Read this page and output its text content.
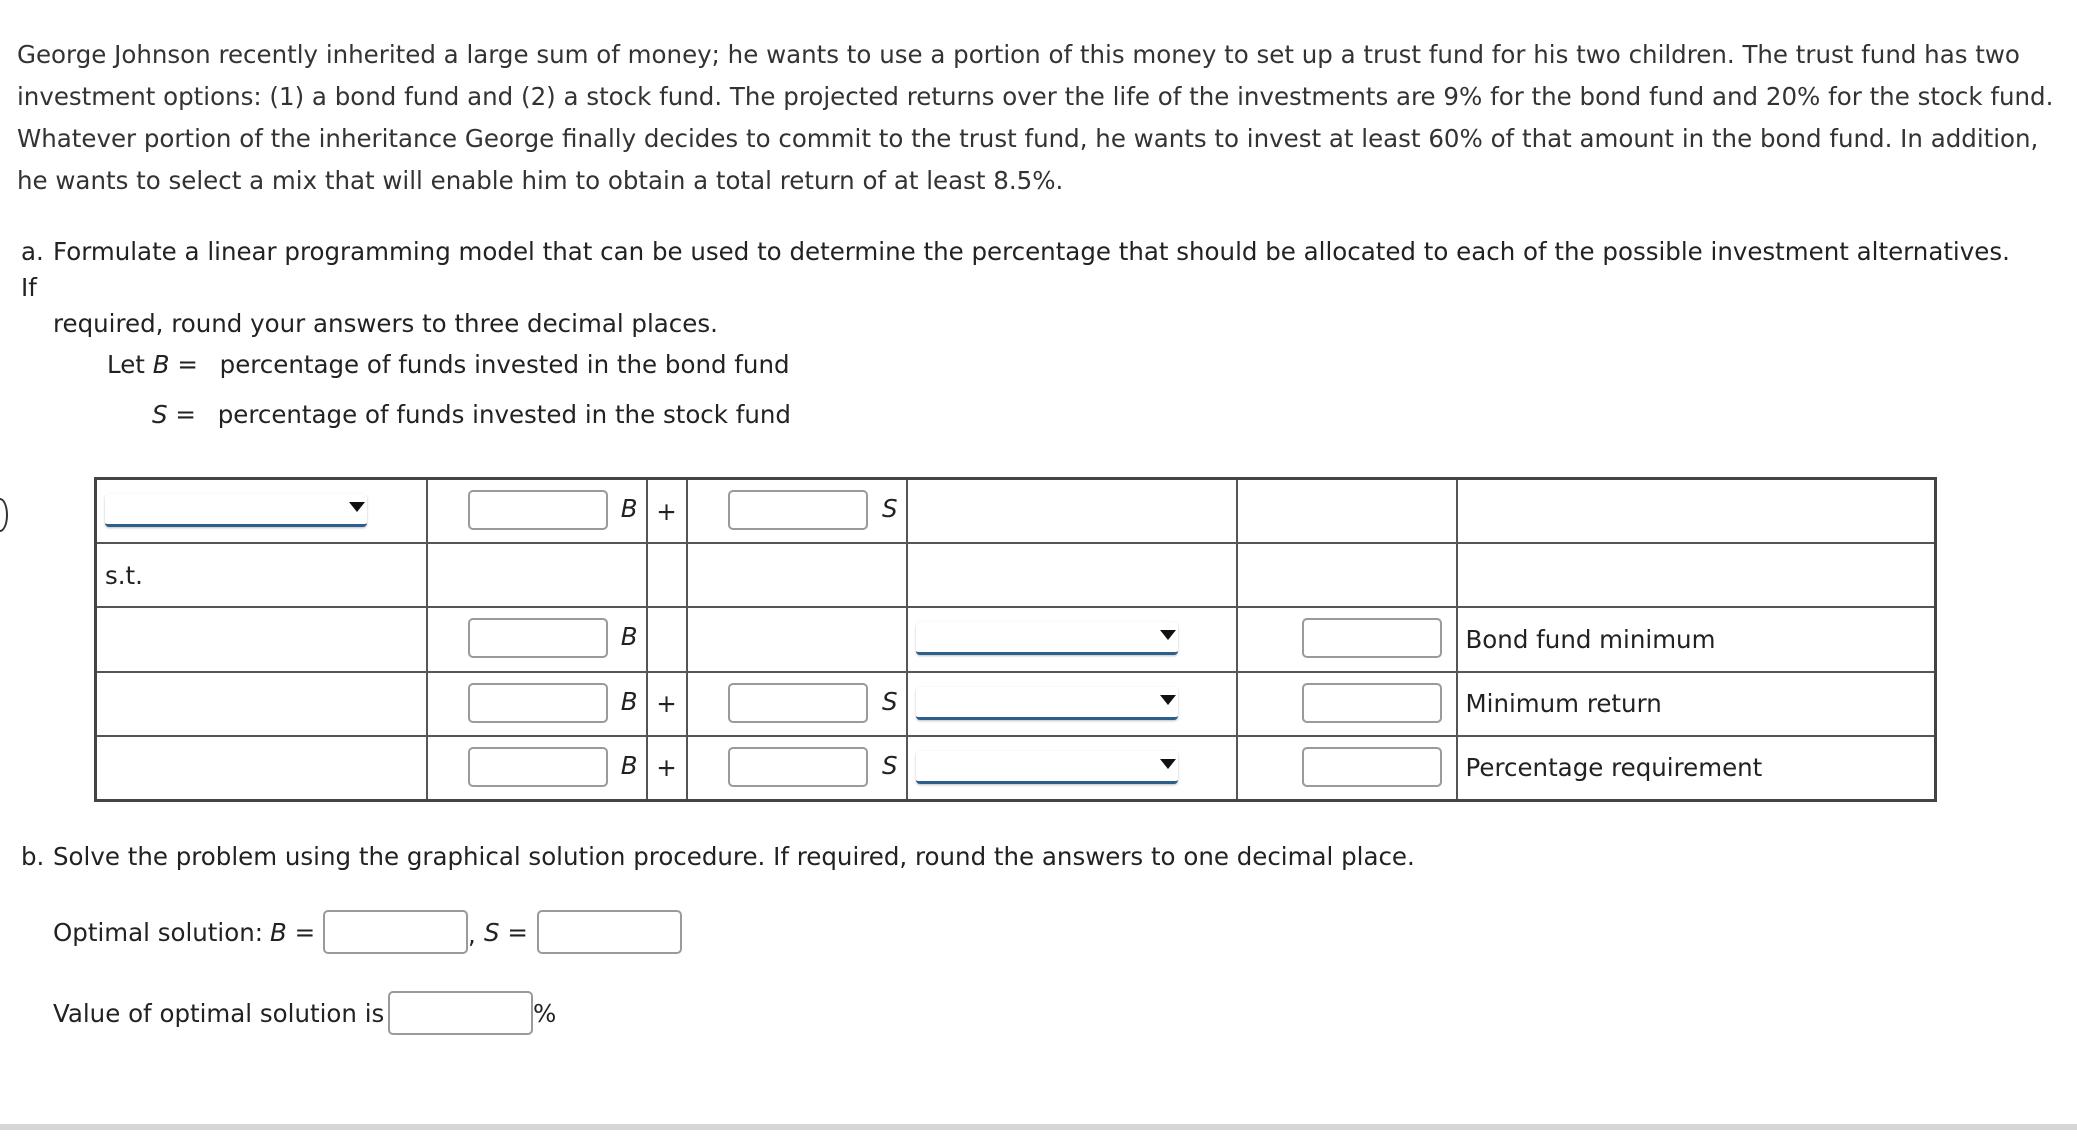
George Johnson recently inherited a large sum of money; he wants to use a portion of this money to set up a trust fund for his two children. The trust fund has two investment options: (1) a bond fund and (2) a stock fund. The projected returns over the life of the investments are 9% for the bond fund and 20% for the stock fund. Whatever portion of the inheritance George finally decides to commit to the trust fund, he wants to invest at least 60% of that amount in the bond fund. In addition, he wants to select a mix that will enable him to obtain a total return of at least 8.5%.
a. Formulate a linear programming model that can be used to determine the percentage that should be allocated to each of the possible investment alternatives. If
required, round your answers to three decimal places.
Let B = percentage of funds invested in the bond fund
S = percentage of funds invested in the stock fund

	B	+	S			

s.t.						

	B					Bond fund minimum

	B	+	S			Minimum return

	B	+	S			Percentage requirement
b. Solve the problem using the graphical solution procedure. If required, round the answers to one decimal place.
Optimal solution: B =	, S =
Value of optimal solution is	%
